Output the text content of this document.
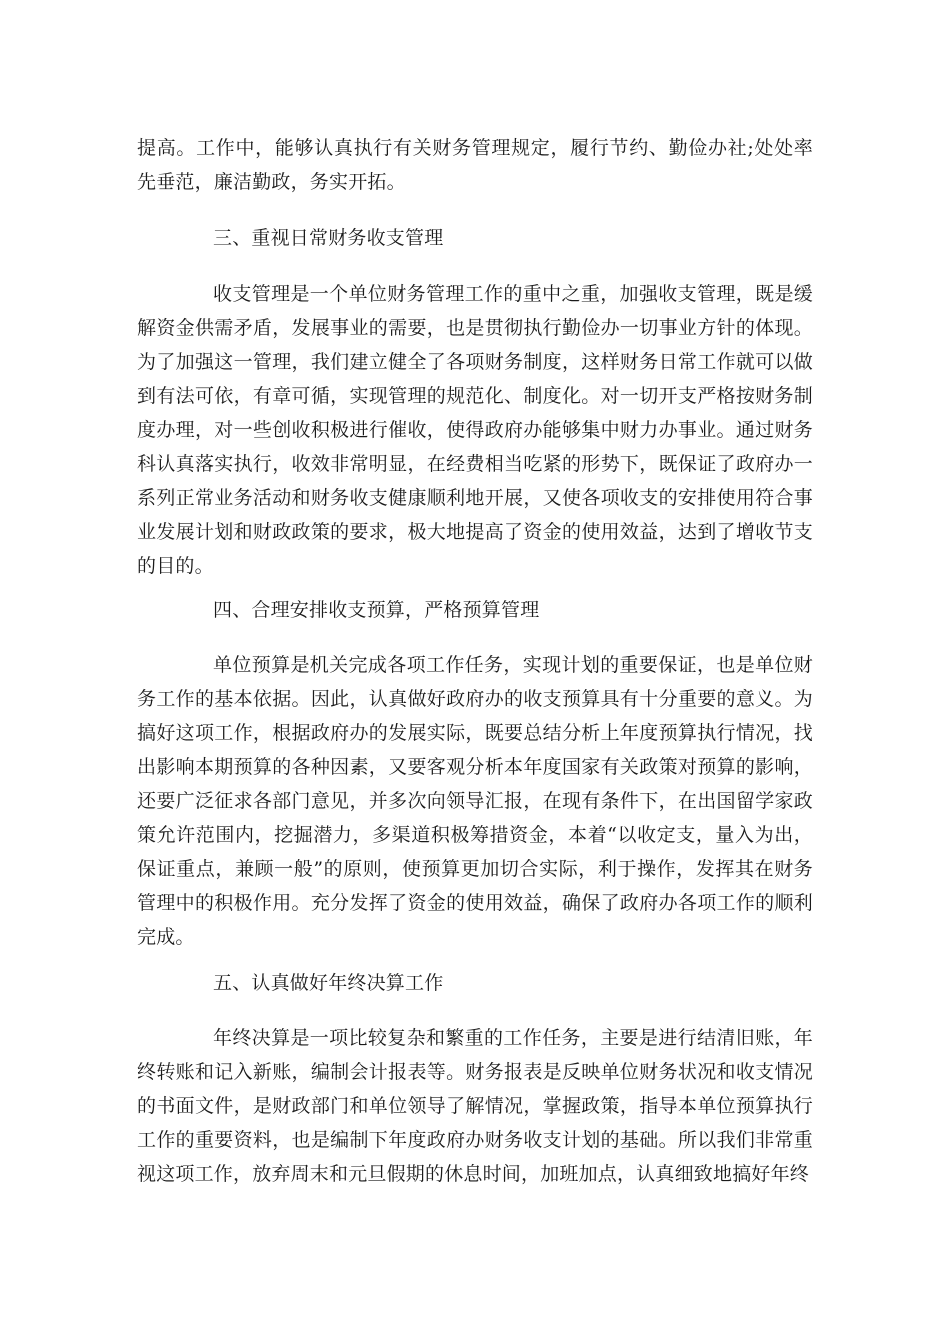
提高。工作中，能够认真执行有关财务管理规定，履行节约、勤俭办社;处处率先垂范，廉洁勤政，务实开拓。

三、重视日常财务收支管理

收支管理是一个单位财务管理工作的重中之重，加强收支管理，既是缓解资金供需矛盾，发展事业的需要，也是贯彻执行勤俭办一切事业方针的体现。为了加强这一管理，我们建立健全了各项财务制度，这样财务日常工作就可以做到有法可依，有章可循，实现管理的规范化、制度化。对一切开支严格按财务制度办理，对一些创收积极进行催收，使得政府办能够集中财力办事业。通过财务科认真落实执行，收效非常明显，在经费相当吃紧的形势下，既保证了政府办一系列正常业务活动和财务收支健康顺利地开展，又使各项收支的安排使用符合事业发展计划和财政政策的要求，极大地提高了资金的使用效益，达到了增收节支的目的。

四、合理安排收支预算，严格预算管理

单位预算是机关完成各项工作任务，实现计划的重要保证，也是单位财务工作的基本依据。因此，认真做好政府办的收支预算具有十分重要的意义。为搞好这项工作，根据政府办的发展实际，既要总结分析上年度预算执行情况，找出影响本期预算的各种因素，又要客观分析本年度国家有关政策对预算的影响，还要广泛征求各部门意见，并多次向领导汇报，在现有条件下，在出国留学家政策允许范围内，挖掘潜力，多渠道积极筹措资金，本着“以收定支，量入为出，保证重点，兼顾一般”的原则，使预算更加切合实际，利于操作，发挥其在财务管理中的积极作用。充分发挥了资金的使用效益，确保了政府办各项工作的顺利完成。

五、认真做好年终决算工作

年终决算是一项比较复杂和繁重的工作任务，主要是进行结清旧账，年终转账和记入新账，编制会计报表等。财务报表是反映单位财务状况和收支情况的书面文件，是财政部门和单位领导了解情况，掌握政策，指导本单位预算执行工作的重要资料，也是编制下年度政府办财务收支计划的基础。所以我们非常重视这项工作，放弃周末和元旦假期的休息时间，加班加点，认真细致地搞好年终
